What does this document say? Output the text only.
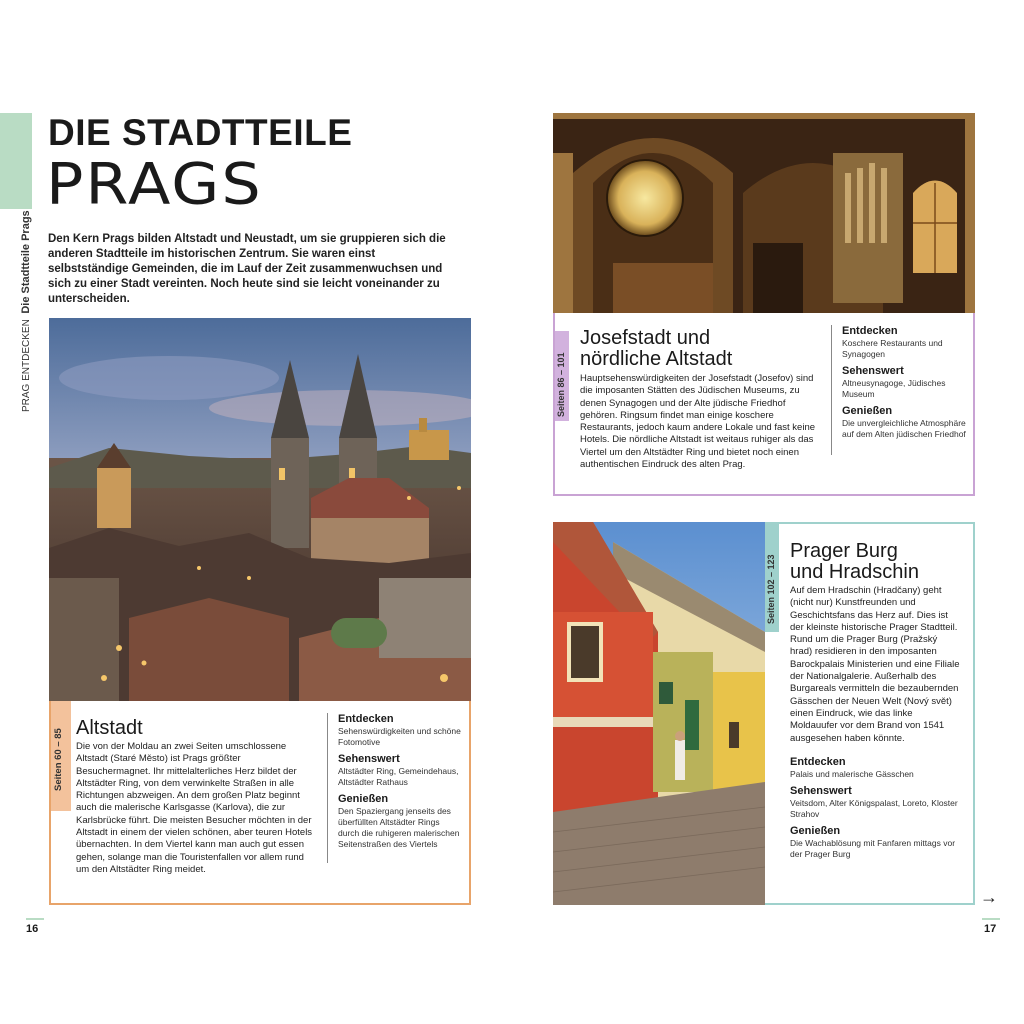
PRAG ENTDECKEN  Die Stadtteile Prags
DIE STADTTEILE
PRAGS
Den Kern Prags bilden Altstadt und Neustadt, um sie gruppieren sich die anderen Stadtteile im historischen Zentrum. Sie waren einst selbstständige Gemeinden, die im Lauf der Zeit zusammenwuchsen und sich zu einer Stadt vereinten. Noch heute sind sie leicht voneinander zu unterscheiden.
Seiten 60 – 85
Altstadt
Die von der Moldau an zwei Seiten umschlossene Altstadt (Staré Město) ist Prags größter Besuchermagnet. Ihr mittelalterliches Herz bildet der Altstädter Ring, von dem verwinkelte Straßen in alle Richtungen abzweigen. An dem großen Platz beginnt auch die malerische Karlsgasse (Karlova), die zur Karlsbrücke führt. Die meisten Besucher möchten in der Altstadt in einem der vielen schönen, aber teuren Hotels übernachten. In dem Viertel kann man auch gut essen gehen, solange man die Touristenfallen vor allem rund um den Altstädter Ring meidet.
Entdecken
Sehenswürdigkeiten und schöne Fotomotive
Sehenswert
Altstädter Ring, Gemeindehaus, Altstädter Rathaus
Genießen
Den Spaziergang jenseits des überfüllten Altstädter Rings durch die ruhigeren malerischen Seitenstraßen des Viertels
16
Seiten 86 – 101
Josefstadt und
nördliche Altstadt
Hauptsehenswürdigkeiten der Josefstadt (Josefov) sind die imposanten Stätten des Jüdischen Museums, zu denen Synagogen und der Alte jüdische Friedhof gehören. Ringsum findet man einige koschere Restaurants, jedoch kaum andere Lokale und fast keine Hotels. Die nördliche Altstadt ist weitaus ruhiger als das Viertel um den Altstädter Ring und bietet noch einen authentischen Eindruck des alten Prag.
Entdecken
Koschere Restaurants und Synagogen
Sehenswert
Altneusynagoge, Jüdisches Museum
Genießen
Die unvergleichliche Atmosphäre auf dem Alten jüdischen Friedhof
Seiten 102 – 123
Prager Burg
und Hradschin
Auf dem Hradschin (Hradčany) geht (nicht nur) Kunstfreunden und Geschichtsfans das Herz auf. Dies ist der kleinste historische Prager Stadtteil. Rund um die Prager Burg (Pražský hrad) residieren in den imposanten Barockpalais Ministerien und eine Filiale der Nationalgalerie. Außerhalb des Burgareals vermitteln die bezaubernden Gässchen der Neuen Welt (Nový svět) einen Eindruck, wie das linke Moldauufer vor dem Brand von 1541 ausgesehen haben könnte.
Entdecken
Palais und malerische Gässchen
Sehenswert
Veitsdom, Alter Königspalast, Loreto, Kloster Strahov
Genießen
Die Wachablösung mit Fanfaren mittags vor der Prager Burg
→
17
